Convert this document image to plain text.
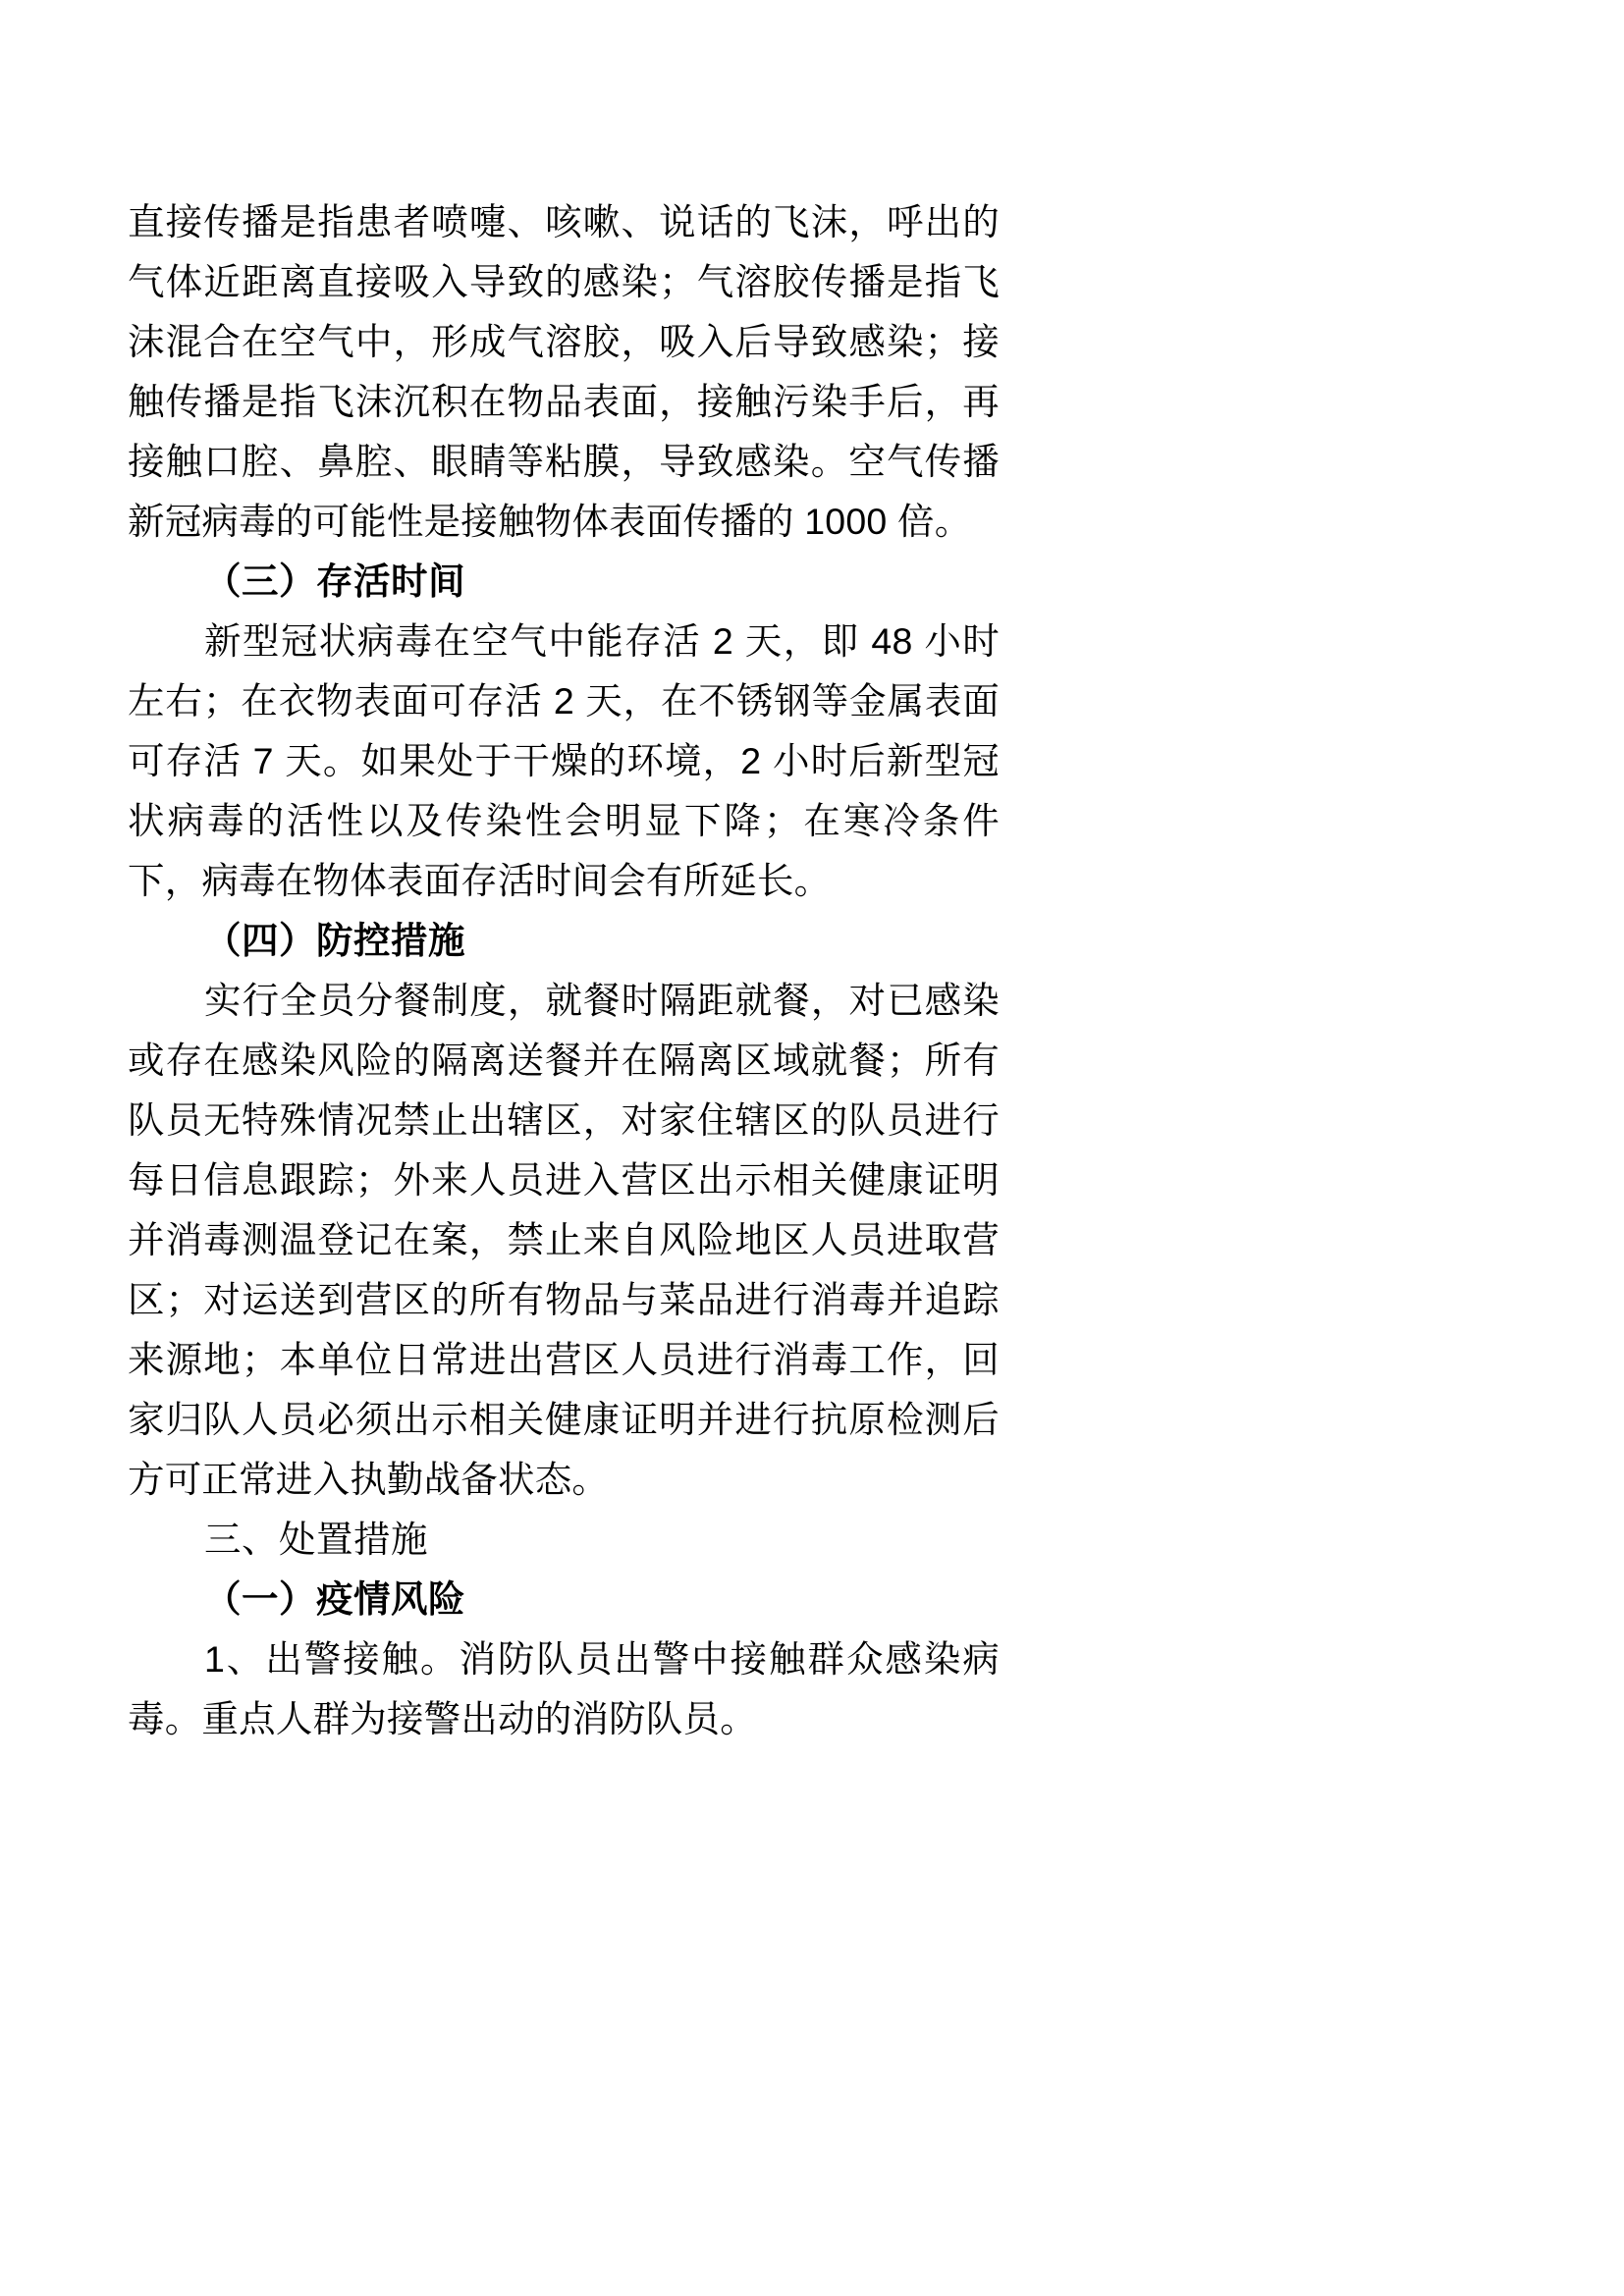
直接传播是指患者喷嚏、咳嗽、说话的飞沫，呼出的气体近距离直接吸入导致的感染；气溶胶传播是指飞沫混合在空气中，形成气溶胶，吸入后导致感染；接触传播是指飞沫沉积在物品表面，接触污染手后，再接触口腔、鼻腔、眼睛等粘膜，导致感染。空气传播新冠病毒的可能性是接触物体表面传播的 1000 倍。

（三）存活时间

新型冠状病毒在空气中能存活 2 天，即 48 小时左右；在衣物表面可存活 2 天，在不锈钢等金属表面可存活 7 天。如果处于干燥的环境，2 小时后新型冠状病毒的活性以及传染性会明显下降；在寒冷条件下，病毒在物体表面存活时间会有所延长。

（四）防控措施

实行全员分餐制度，就餐时隔距就餐，对已感染或存在感染风险的隔离送餐并在隔离区域就餐；所有队员无特殊情况禁止出辖区，对家住辖区的队员进行每日信息跟踪；外来人员进入营区出示相关健康证明并消毒测温登记在案，禁止来自风险地区人员进取营区；对运送到营区的所有物品与菜品进行消毒并追踪来源地；本单位日常进出营区人员进行消毒工作，回家归队人员必须出示相关健康证明并进行抗原检测后方可正常进入执勤战备状态。

三、处置措施

（一）疫情风险

1、出警接触。消防队员出警中接触群众感染病毒。重点人群为接警出动的消防队员。
